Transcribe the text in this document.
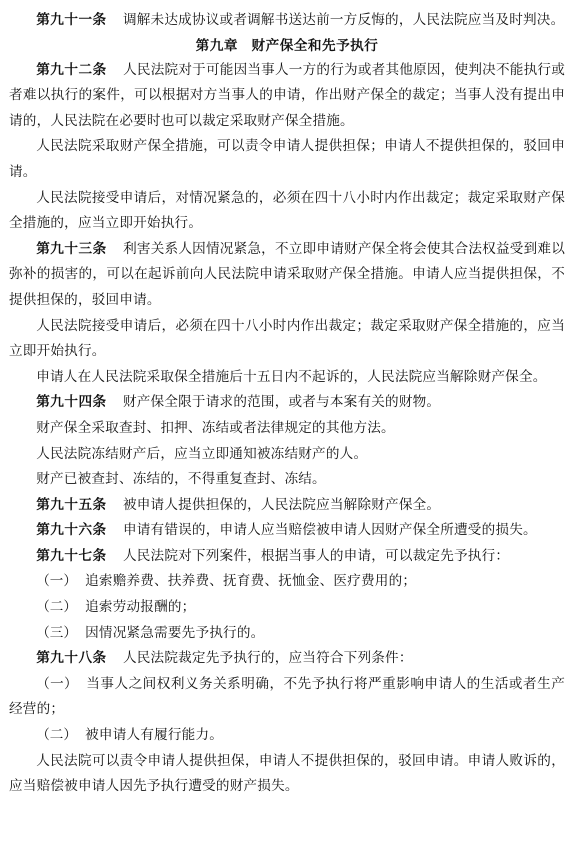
第九十一条 调解未达成协议或者调解书送达前一方反悔的，人民法院应当及时判决。

第九章 财产保全和先予执行

第九十二条 人民法院对于可能因当事人一方的行为或者其他原因，使判决不能执行或者难以执行的案件，可以根据对方当事人的申请，作出财产保全的裁定；当事人没有提出申请的，人民法院在必要时也可以裁定采取财产保全措施。

人民法院采取财产保全措施，可以责令申请人提供担保；申请人不提供担保的，驳回申请。

人民法院接受申请后，对情况紧急的，必须在四十八小时内作出裁定；裁定采取财产保全措施的，应当立即开始执行。

第九十三条 利害关系人因情况紧急，不立即申请财产保全将会使其合法权益受到难以弥补的损害的，可以在起诉前向人民法院申请采取财产保全措施。申请人应当提供担保，不提供担保的，驳回申请。

人民法院接受申请后，必须在四十八小时内作出裁定；裁定采取财产保全措施的，应当立即开始执行。

申请人在人民法院采取保全措施后十五日内不起诉的，人民法院应当解除财产保全。

第九十四条 财产保全限于请求的范围，或者与本案有关的财物。

财产保全采取查封、扣押、冻结或者法律规定的其他方法。

人民法院冻结财产后，应当立即通知被冻结财产的人。

财产已被查封、冻结的，不得重复查封、冻结。

第九十五条 被申请人提供担保的，人民法院应当解除财产保全。

第九十六条 申请有错误的，申请人应当赔偿被申请人因财产保全所遭受的损失。

第九十七条 人民法院对下列案件，根据当事人的申请，可以裁定先予执行：

（一） 追索赡养费、扶养费、抚育费、抚恤金、医疗费用的；

（二） 追索劳动报酬的；

（三） 因情况紧急需要先予执行的。

第九十八条 人民法院裁定先予执行的，应当符合下列条件：

（一） 当事人之间权利义务关系明确，不先予执行将严重影响申请人的生活或者生产经营的；

（二） 被申请人有履行能力。

人民法院可以责令申请人提供担保，申请人不提供担保的，驳回申请。申请人败诉的，应当赔偿被申请人因先予执行遭受的财产损失。
